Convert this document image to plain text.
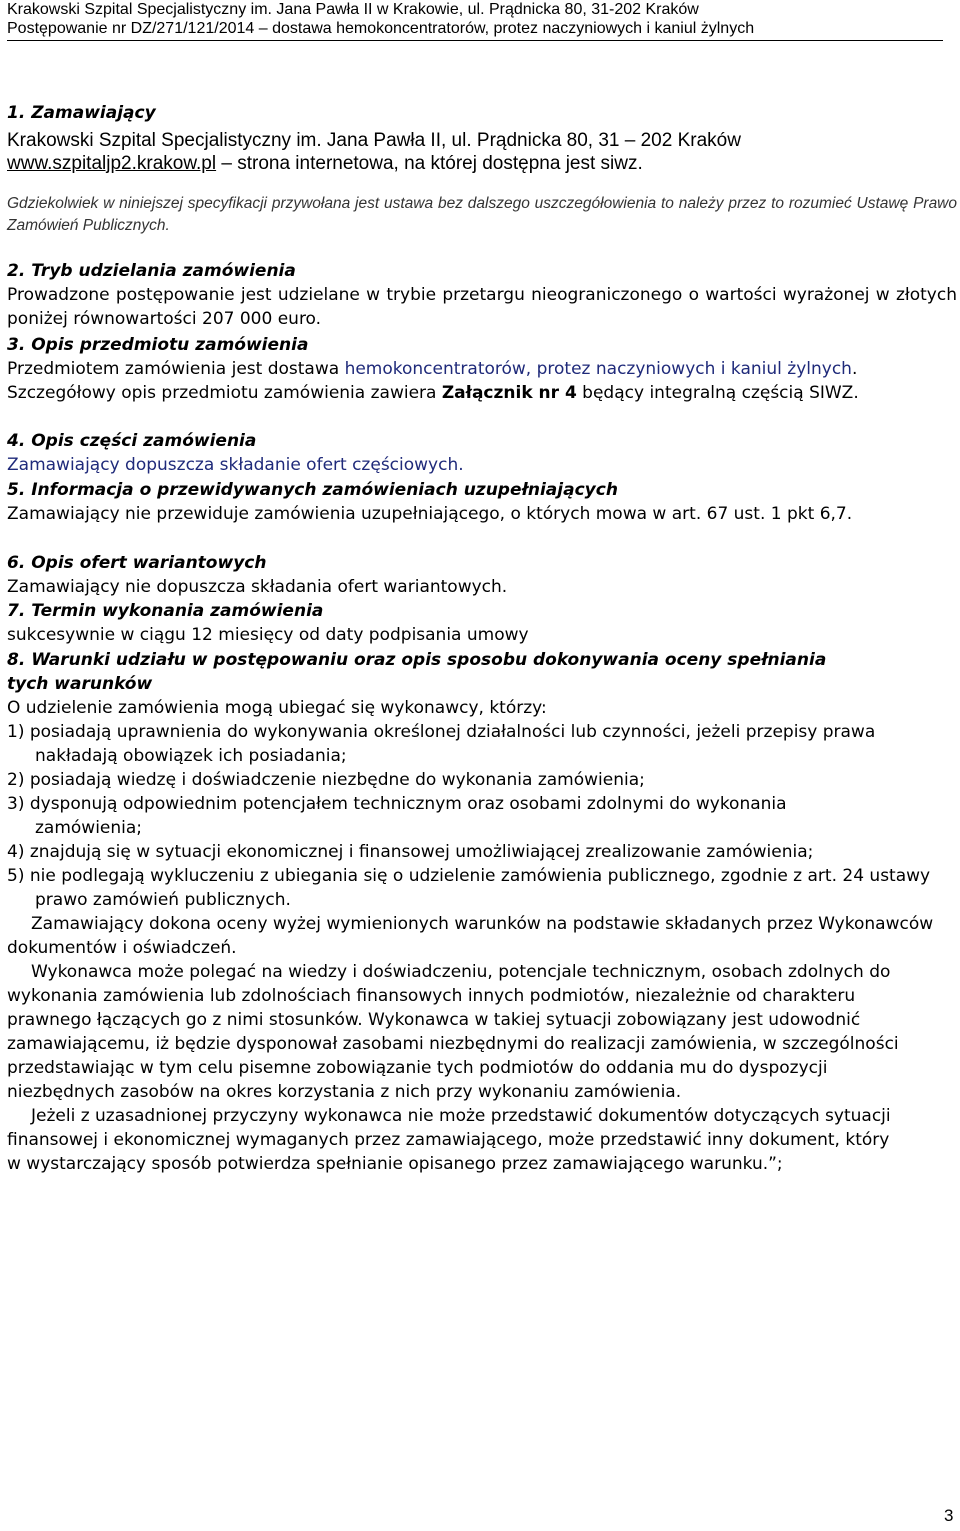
Krakowski Szpital Specjalistyczny im. Jana Pawła II w Krakowie, ul. Prądnicka 80, 31-202 Kraków
Postępowanie nr DZ/271/121/2014 – dostawa hemokoncentratorów, protez naczyniowych i kaniul żylnych
1. Zamawiający
Krakowski Szpital Specjalistyczny im. Jana Pawła II, ul. Prądnicka 80, 31 – 202 Kraków
www.szpitaljp2.krakow.pl – strona internetowa, na której dostępna jest siwz.
Gdziekolwiek w niniejszej specyfikacji przywołana jest ustawa bez dalszego uszczegółowienia to należy przez to rozumieć Ustawę Prawo Zamówień Publicznych.
2. Tryb udzielania zamówienia
Prowadzone postępowanie jest udzielane w trybie przetargu nieograniczonego o wartości wyrażonej w złotych poniżej równowartości 207 000 euro.
3. Opis przedmiotu zamówienia
Przedmiotem zamówienia jest dostawa hemokoncentratorów, protez naczyniowych i kaniul żylnych. Szczegółowy opis przedmiotu zamówienia zawiera Załącznik nr 4 będący integralną częścią SIWZ.
4. Opis części zamówienia
Zamawiający dopuszcza składanie ofert częściowych.
5. Informacja o przewidywanych zamówieniach uzupełniających
Zamawiający nie przewiduje zamówienia uzupełniającego, o których mowa w art. 67 ust. 1 pkt 6,7.
6. Opis ofert wariantowych
Zamawiający nie dopuszcza składania ofert wariantowych.
7. Termin wykonania zamówienia
sukcesywnie w ciągu 12 miesięcy od daty podpisania umowy
8. Warunki udziału w postępowaniu oraz opis sposobu dokonywania oceny spełniania tych warunków
O udzielenie zamówienia mogą ubiegać się wykonawcy, którzy:
1) posiadają uprawnienia do wykonywania określonej działalności lub czynności, jeżeli przepisy prawa nakładają obowiązek ich posiadania;
2) posiadają wiedzę i doświadczenie niezbędne do wykonania zamówienia;
3) dysponują odpowiednim potencjałem technicznym oraz osobami zdolnymi do wykonania zamówienia;
4) znajdują się w sytuacji ekonomicznej i finansowej umożliwiającej zrealizowanie zamówienia;
5) nie podlegają wykluczeniu z ubiegania się o udzielenie zamówienia publicznego, zgodnie z art. 24 ustawy prawo zamówień publicznych.
Zamawiający dokona oceny wyżej wymienionych warunków na podstawie składanych przez Wykonawców dokumentów i oświadczeń.
Wykonawca może polegać na wiedzy i doświadczeniu, potencjale technicznym, osobach zdolnych do wykonania zamówienia lub zdolnościach finansowych innych podmiotów, niezależnie od charakteru prawnego łączących go z nimi stosunków. Wykonawca w takiej sytuacji zobowiązany jest udowodnić zamawiającemu, iż będzie dysponował zasobami niezbędnymi do realizacji zamówienia, w szczególności przedstawiając w tym celu pisemne zobowiązanie tych podmiotów do oddania mu do dyspozycji niezbędnych zasobów na okres korzystania z nich przy wykonaniu zamówienia.
Jeżeli z uzasadnionej przyczyny wykonawca nie może przedstawić dokumentów dotyczących sytuacji finansowej i ekonomicznej wymaganych przez zamawiającego, może przedstawić inny dokument, który w wystarczający sposób potwierdza spełnianie opisanego przez zamawiającego warunku.”;
3
